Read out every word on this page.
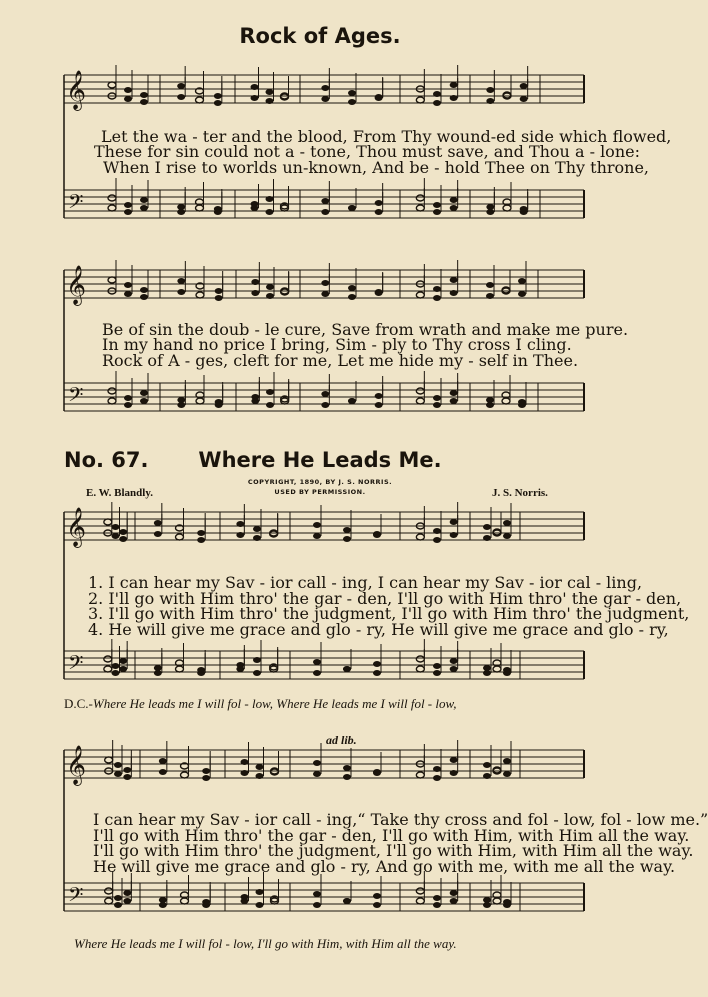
Rock of Ages.
𝄞
𝄢
𝄞
𝄢
𝄞
𝄢
𝄞
𝄢
Let the wa - ter and the blood, From Thy wound-ed side which flowed,
These for sin could not a - tone, Thou must save, and Thou a - lone:
When I rise to worlds un-known, And be - hold Thee on Thy throne,
Be of sin the doub - le cure, Save from wrath and make me pure.
In my hand no price I bring, Sim - ply to Thy cross I cling.
Rock of A - ges, cleft for me, Let me hide my - self in Thee.
No. 67.	Where He Leads Me.
E. W. Blandly.	J. S. Norris.
COPYRIGHT, 1890, BY J. S. NORRIS.
USED BY PERMISSION.
1. I can hear my Sav - ior call - ing, I can hear my Sav - ior cal - ling,
2. I'll go with Him thro' the gar - den, I'll go with Him thro' the gar - den,
3. I'll go with Him thro' the judgment, I'll go with Him thro' the judgment,
4. He will give me grace and glo - ry, He will give me grace and glo - ry,
D.C.-Where He leads me I will fol - low, Where He leads me I will fol - low,
ad lib.
I can hear my Sav - ior call - ing,“ Take thy cross and fol - low, fol - low me.”
I'll go with Him thro' the gar - den, I'll go with Him, with Him all the way.
I'll go with Him thro' the judgment, I'll go with Him, with Him all the way.
He will give me grace and glo - ry, And go with me, with me all the way.
Where He leads me I will fol - low, I'll go with Him, with Him all the way.
